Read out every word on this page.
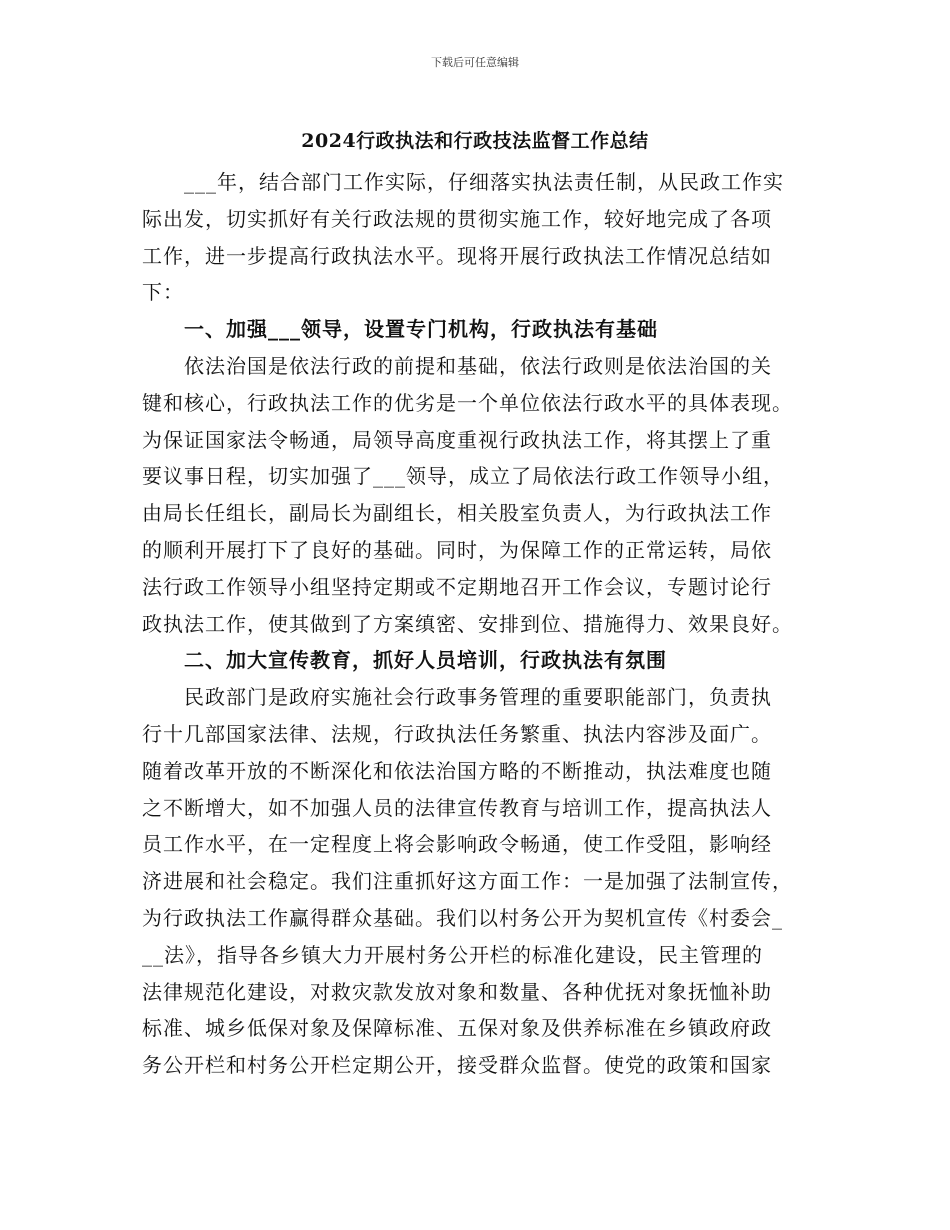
下载后可任意编辑
2024行政执法和行政技法监督工作总结
___年，结合部门工作实际，仔细落实执法责任制，从民政工作实
际出发，切实抓好有关行政法规的贯彻实施工作，较好地完成了各项
工作，进一步提高行政执法水平。现将开展行政执法工作情况总结如
下：
一、加强___领导，设置专门机构，行政执法有基础
依法治国是依法行政的前提和基础，依法行政则是依法治国的关
键和核心，行政执法工作的优劣是一个单位依法行政水平的具体表现。
为保证国家法令畅通，局领导高度重视行政执法工作，将其摆上了重
要议事日程，切实加强了___领导，成立了局依法行政工作领导小组，
由局长任组长，副局长为副组长，相关股室负责人，为行政执法工作
的顺利开展打下了良好的基础。同时，为保障工作的正常运转，局依
法行政工作领导小组坚持定期或不定期地召开工作会议，专题讨论行
政执法工作，使其做到了方案缜密、安排到位、措施得力、效果良好。
二、加大宣传教育，抓好人员培训，行政执法有氛围
民政部门是政府实施社会行政事务管理的重要职能部门，负责执
行十几部国家法律、法规，行政执法任务繁重、执法内容涉及面广。
随着改革开放的不断深化和依法治国方略的不断推动，执法难度也随
之不断增大，如不加强人员的法律宣传教育与培训工作，提高执法人
员工作水平，在一定程度上将会影响政令畅通，使工作受阻，影响经
济进展和社会稳定。我们注重抓好这方面工作：一是加强了法制宣传，
为行政执法工作赢得群众基础。我们以村务公开为契机宣传《村委会_
__法》，指导各乡镇大力开展村务公开栏的标准化建设，民主管理的
法律规范化建设，对救灾款发放对象和数量、各种优抚对象抚恤补助
标准、城乡低保对象及保障标准、五保对象及供养标准在乡镇政府政
务公开栏和村务公开栏定期公开，接受群众监督。使党的政策和国家
